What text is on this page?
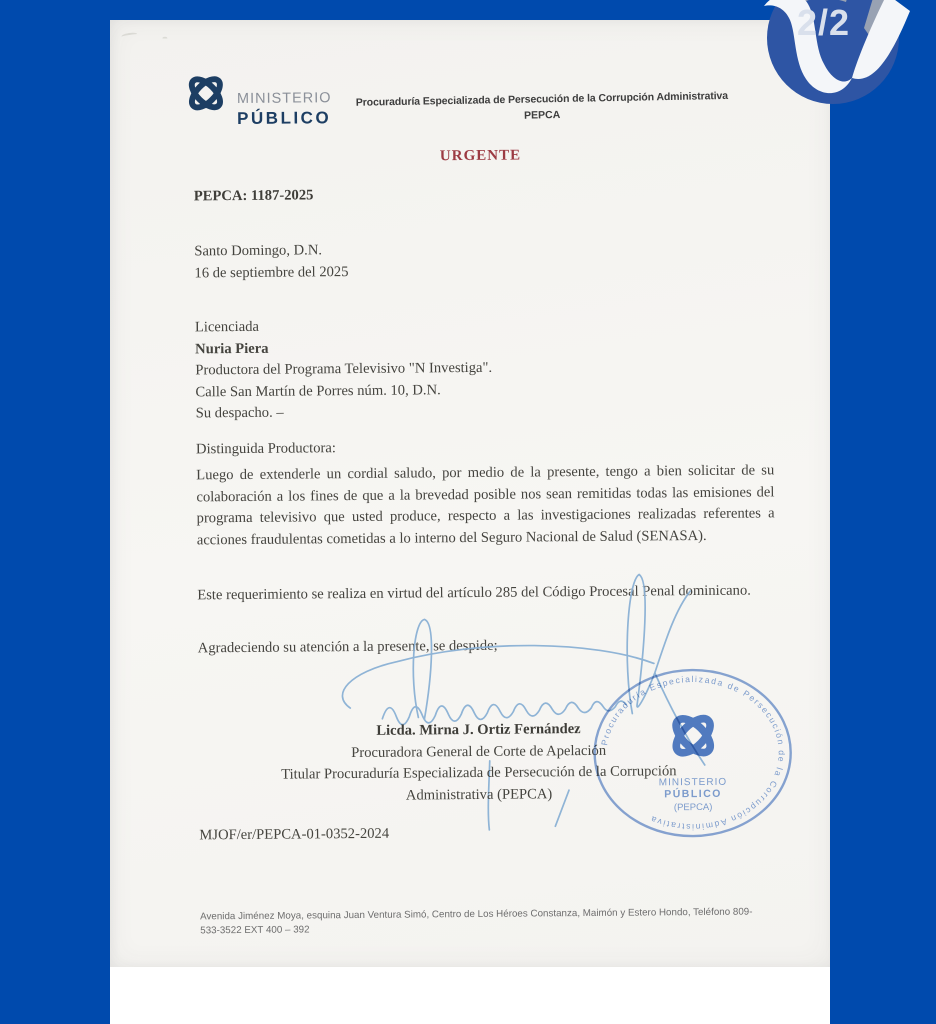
MINISTERIO
PÚBLICO
Procuraduría Especializada de Persecución de la Corrupción Administrativa
PEPCA
URGENTE
PEPCA: 1187-2025
Santo Domingo, D.N.
16 de septiembre del 2025
Licenciada
Nuria Piera
Productora del Programa Televisivo "N Investiga".
Calle San Martín de Porres núm. 10, D.N.
Su despacho. –
Distinguida Productora:

Luego de extenderle un cordial saludo, por medio de la presente, tengo a bien solicitar de su colaboración a los fines de que a la brevedad posible nos sean remitidas todas las emisiones del programa televisivo que usted produce, respecto a las investigaciones realizadas referentes a acciones fraudulentas cometidas a lo interno del Seguro Nacional de Salud (SENASA).

Este requerimiento se realiza en virtud del artículo 285 del Código Procesal Penal dominicano.

Agradeciendo su atención a la presente, se despide;

Licda. Mirna J. Ortiz Fernández
Procuradora General de Corte de Apelación
Titular Procuraduría Especializada de Persecución de la Corrupción
Administrativa (PEPCA)
Procuraduría Especializada de Persecución de la Corrupción Administrativa
MINISTERIO
PÚBLICO
(PEPCA)
MJOF/er/PEPCA-01-0352-2024
Avenida Jiménez Moya, esquina Juan Ventura Simó, Centro de Los Héroes Constanza, Maimón y Estero Hondo, Teléfono 809-
533-3522 EXT 400 – 392
2/2
